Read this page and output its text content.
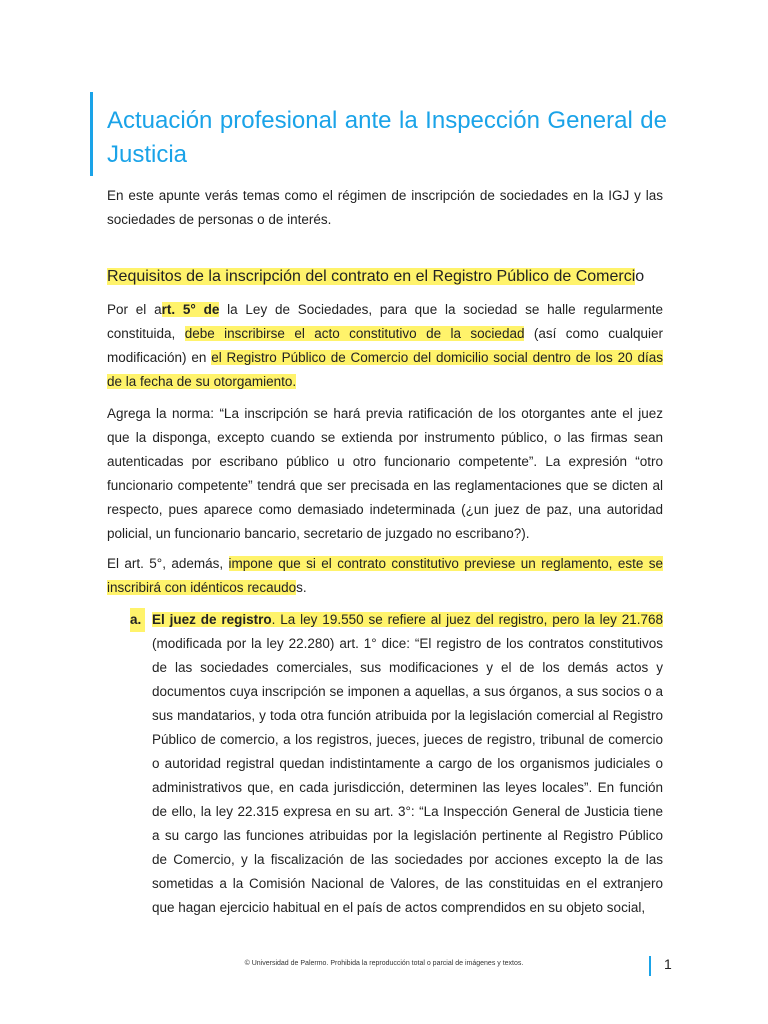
Actuación profesional ante la Inspección General de Justicia

En este apunte verás temas como el régimen de inscripción de sociedades en la IGJ y las sociedades de personas o de interés.

Requisitos de la inscripción del contrato en el Registro Público de Comercio

Por el art. 5° de la Ley de Sociedades, para que la sociedad se halle regularmente constituida, debe inscribirse el acto constitutivo de la sociedad (así como cualquier modificación) en el Registro Público de Comercio del domicilio social dentro de los 20 días de la fecha de su otorgamiento.

Agrega la norma: “La inscripción se hará previa ratificación de los otorgantes ante el juez que la disponga, excepto cuando se extienda por instrumento público, o las firmas sean autenticadas por escribano público u otro funcionario competente”. La expresión “otro funcionario competente” tendrá que ser precisada en las reglamentaciones que se dicten al respecto, pues aparece como demasiado indeterminada (¿un juez de paz, una autoridad policial, un funcionario bancario, secretario de juzgado no escribano?).

El art. 5°, además, impone que si el contrato constitutivo previese un reglamento, este se inscribirá con idénticos recaudos.

a. El juez de registro. La ley 19.550 se refiere al juez del registro, pero la ley 21.768 (modificada por la ley 22.280) art. 1° dice: “El registro de los contratos constitutivos de las sociedades comerciales, sus modificaciones y el de los demás actos y documentos cuya inscripción se imponen a aquellas, a sus órganos, a sus socios o a sus mandatarios, y toda otra función atribuida por la legislación comercial al Registro Público de comercio, a los registros, jueces, jueces de registro, tribunal de comercio o autoridad registral quedan indistintamente a cargo de los organismos judiciales o administrativos que, en cada jurisdicción, determinen las leyes locales”. En función de ello, la ley 22.315 expresa en su art. 3°: “La Inspección General de Justicia tiene a su cargo las funciones atribuidas por la legislación pertinente al Registro Público de Comercio, y la fiscalización de las sociedades por acciones excepto la de las sometidas a la Comisión Nacional de Valores, de las constituidas en el extranjero que hagan ejercicio habitual en el país de actos comprendidos en su objeto social,

© Universidad de Palermo. Prohibida la reproducción total o parcial de imágenes y textos.	1
